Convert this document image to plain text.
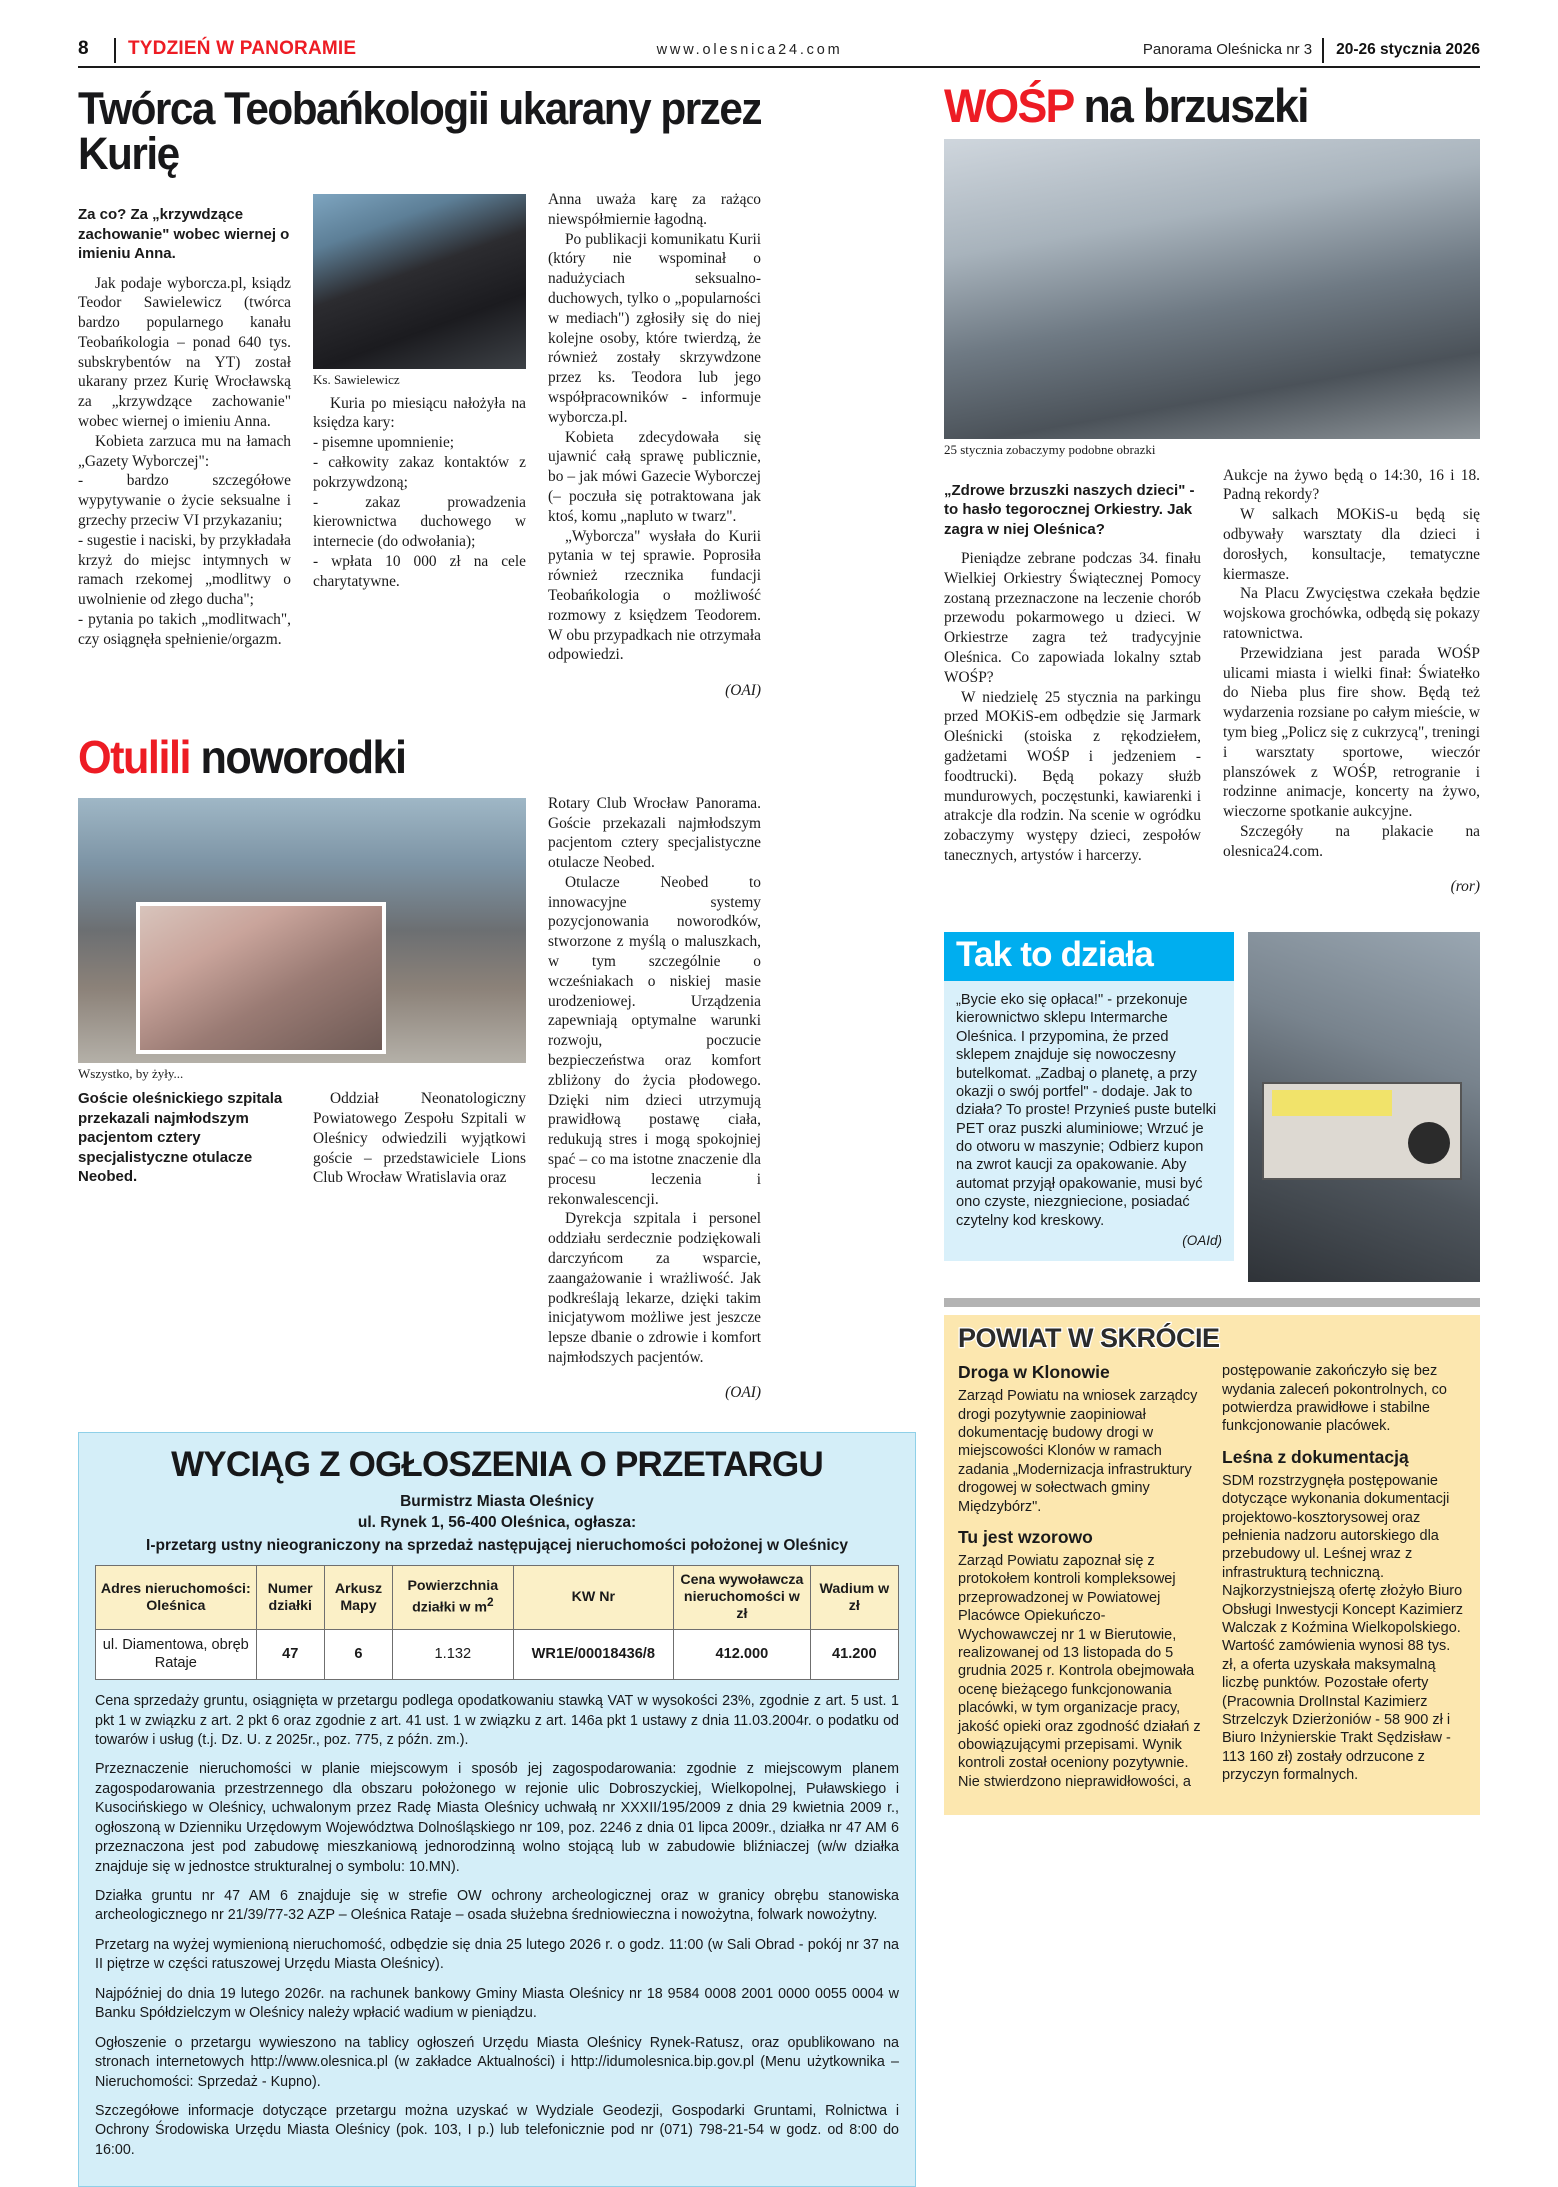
8	TYDZIEŃ W PANORAMIE	www.olesnica24.com	Panorama Oleśnicka nr 3	20-26 stycznia 2026
Twórca Teobańkologii ukarany przez Kurię

Za co? Za „krzywdzące zachowanie" wobec wiernej o imieniu Anna.

Jak podaje wyborcza.pl, ksiądz Teodor Sawielewicz (twórca bardzo popularnego kanału Teobańkologia – ponad 640 tys. subskrybentów na YT) został ukarany przez Kurię Wrocławską za „krzywdzące zachowanie" wobec wiernej o imieniu Anna.

Kobieta zarzuca mu na łamach „Gazety Wyborczej":

- bardzo szczegółowe wypytywanie o życie seksualne i grzechy przeciw VI przykazaniu;

- sugestie i naciski, by przykładała krzyż do miejsc intymnych w ramach rzekomej „modlitwy o uwolnienie od złego ducha";

- pytania po takich „modlitwach", czy osiągnęła spełnienie/orgazm.

Ks. Sawielewicz

Kuria po miesiącu nałożyła na księdza kary:

- pisemne upomnienie;

- całkowity zakaz kontaktów z pokrzywdzoną;

- zakaz prowadzenia kierownictwa duchowego w internecie (do odwołania);

- wpłata 10 000 zł na cele charytatywne.

Anna uważa karę za rażąco niewspółmiernie łagodną.

Po publikacji komunikatu Kurii (który nie wspominał o nadużyciach seksualno-duchowych, tylko o „popularności w mediach") zgłosiły się do niej kolejne osoby, które twierdzą, że również zostały skrzywdzone przez ks. Teodora lub jego współpracowników - informuje wyborcza.pl.

Kobieta zdecydowała się ujawnić całą sprawę publicznie, bo – jak mówi Gazecie Wyborczej (– poczuła się potraktowana jak ktoś, komu „napluto w twarz".

„Wyborcza" wysłała do Kurii pytania w tej sprawie. Poprosiła również rzecznika fundacji Teobańkologia o możliwość rozmowy z księdzem Teodorem. W obu przypadkach nie otrzymała odpowiedzi.

(OAI)

Otulili noworodki
Wszystko, by żyły...

Goście oleśnickiego szpitala przekazali najmłodszym pacjentom cztery specjalistyczne otulacze Neobed.

Oddział Neonatologiczny Powiatowego Zespołu Szpitali w Oleśnicy odwiedzili wyjątkowi goście – przedstawiciele Lions Club Wrocław Wratislavia oraz

Rotary Club Wrocław Panorama. Goście przekazali najmłodszym pacjentom cztery specjalistyczne otulacze Neobed.

Otulacze Neobed to innowacyjne systemy pozycjonowania noworodków, stworzone z myślą o maluszkach, w tym szczególnie o wcześniakach o niskiej masie urodzeniowej. Urządzenia zapewniają optymalne warunki rozwoju, poczucie bezpieczeństwa oraz komfort zbliżony do życia płodowego. Dzięki nim dzieci utrzymują prawidłową postawę ciała, redukują stres i mogą spokojniej spać – co ma istotne znaczenie dla procesu leczenia i rekonwalescencji.

Dyrekcja szpitala i personel oddziału serdecznie podziękowali darczyńcom za wsparcie, zaangażowanie i wrażliwość. Jak podkreślają lekarze, dzięki takim inicjatywom możliwe jest jeszcze lepsze dbanie o zdrowie i komfort najmłodszych pacjentów.

(OAI)

WYCIĄG Z OGŁOSZENIA O PRZETARGU
Burmistrz Miasta Oleśnicy
ul. Rynek 1, 56-400 Oleśnica, ogłasza:
I-przetarg ustny nieograniczony na sprzedaż następującej nieruchomości położonej w Oleśnicy
Adres nieruchomości: Oleśnica	Numer działki	Arkusz Mapy	Powierzchnia działki w $m^2$	KW Nr	Cena wywoławcza nieruchomości w zł	Wadium w zł
ul. Diamentowa, obręb Rataje	47	6	1.132	WR1E/00018436/8	412.000	41.200

Cena sprzedaży gruntu, osiągnięta w przetargu podlega opodatkowaniu stawką VAT w wysokości 23%, zgodnie z art. 5 ust. 1 pkt 1 w związku z art. 2 pkt 6 oraz zgodnie z art. 41 ust. 1 w związku z art. 146a pkt 1 ustawy z dnia 11.03.2004r. o podatku od towarów i usług (t.j. Dz. U. z 2025r., poz. 775, z późn. zm.).

Przeznaczenie nieruchomości w planie miejscowym i sposób jej zagospodarowania: zgodnie z miejscowym planem zagospodarowania przestrzennego dla obszaru położonego w rejonie ulic Dobroszyckiej, Wielkopolnej, Puławskiego i Kusocińskiego w Oleśnicy, uchwalonym przez Radę Miasta Oleśnicy uchwałą nr XXXII/195/2009 z dnia 29 kwietnia 2009 r., ogłoszoną w Dzienniku Urzędowym Województwa Dolnośląskiego nr 109, poz. 2246 z dnia 01 lipca 2009r., działka nr 47 AM 6 przeznaczona jest pod zabudowę mieszkaniową jednorodzinną wolno stojącą lub w zabudowie bliźniaczej (w/w działka znajduje się w jednostce strukturalnej o symbolu: 10.MN).

Działka gruntu nr 47 AM 6 znajduje się w strefie OW ochrony archeologicznej oraz w granicy obrębu stanowiska archeologicznego nr 21/39/77-32 AZP – Oleśnica Rataje – osada służebna średniowieczna i nowożytna, folwark nowożytny.

Przetarg na wyżej wymienioną nieruchomość, odbędzie się dnia 25 lutego 2026 r. o godz. 11:00 (w Sali Obrad - pokój nr 37 na II piętrze w części ratuszowej Urzędu Miasta Oleśnicy).

Najpóźniej do dnia 19 lutego 2026r. na rachunek bankowy Gminy Miasta Oleśnicy nr 18 9584 0008 2001 0000 0055 0004 w Banku Spółdzielczym w Oleśnicy należy wpłacić wadium w pieniądzu.

Ogłoszenie o przetargu wywieszono na tablicy ogłoszeń Urzędu Miasta Oleśnicy Rynek-Ratusz, oraz opublikowano na stronach internetowych http://www.olesnica.pl (w zakładce Aktualności) i http://idumolesnica.bip.gov.pl (Menu użytkownika – Nieruchomości: Sprzedaż - Kupno).

Szczegółowe informacje dotyczące przetargu można uzyskać w Wydziale Geodezji, Gospodarki Gruntami, Rolnictwa i Ochrony Środowiska Urzędu Miasta Oleśnicy (pok. 103, I p.) lub telefonicznie pod nr (071) 798-21-54 w godz. od 8:00 do 16:00.

WOŚP na brzuszki
25 stycznia zobaczymy podobne obrazki

„Zdrowe brzuszki naszych dzieci" - to hasło tegorocznej Orkiestry. Jak zagra w niej Oleśnica?

Pieniądze zebrane podczas 34. finału Wielkiej Orkiestry Świątecznej Pomocy zostaną przeznaczone na leczenie chorób przewodu pokarmowego u dzieci. W Orkiestrze zagra też tradycyjnie Oleśnica. Co zapowiada lokalny sztab WOŚP?

W niedzielę 25 stycznia na parkingu przed MOKiS-em odbędzie się Jarmark Oleśnicki (stoiska z rękodziełem, gadżetami WOŚP i jedzeniem - foodtrucki). Będą pokazy służb mundurowych, poczęstunki, kawiarenki i atrakcje dla rodzin. Na scenie w ogródku zobaczymy występy dzieci, zespołów tanecznych, artystów i harcerzy.

Aukcje na żywo będą o 14:30, 16 i 18. Padną rekordy?

W salkach MOKiS-u będą się odbywały warsztaty dla dzieci i dorosłych, konsultacje, tematyczne kiermasze.

Na Placu Zwycięstwa czekała będzie wojskowa grochówka, odbędą się pokazy ratownictwa.

Przewidziana jest parada WOŚP ulicami miasta i wielki finał: Światełko do Nieba plus fire show. Będą też wydarzenia rozsiane po całym mieście, w tym bieg „Policz się z cukrzycą", treningi i warsztaty sportowe, wieczór planszówek z WOŚP, retrogranie i rodzinne animacje, koncerty na żywo, wieczorne spotkanie aukcyjne.

Szczegóły na plakacie na olesnica24.com.

(ror)

Tak to działa

„Bycie eko się opłaca!" - przekonuje kierownictwo sklepu Intermarche Oleśnica. I przypomina, że przed sklepem znajduje się nowoczesny butelkomat. „Zadbaj o planetę, a przy okazji o swój portfel" - dodaje. Jak to działa? To proste! Przynieś puste butelki PET oraz puszki aluminiowe; Wrzuć je do otworu w maszynie; Odbierz kupon na zwrot kaucji za opakowanie. Aby automat przyjął opakowanie, musi być ono czyste, niezgniecione, posiadać czytelny kod kreskowy.

(OAId)

POWIAT W SKRÓCIE
Droga w Klonowie

Zarząd Powiatu na wniosek zarządcy drogi pozytywnie zaopiniował dokumentację budowy drogi w miejscowości Klonów w ramach zadania „Modernizacja infrastruktury drogowej w sołectwach gminy Międzybórz".

Tu jest wzorowo

Zarząd Powiatu zapoznał się z protokołem kontroli kompleksowej przeprowadzonej w Powiatowej Placówce Opiekuńczo-Wychowawczej nr 1 w Bierutowie, realizowanej od 13 listopada do 5 grudnia 2025 r. Kontrola obejmowała ocenę bieżącego funkcjonowania placówki, w tym organizacje pracy, jakość opieki oraz zgodność działań z obowiązującymi przepisami. Wynik kontroli został oceniony pozytywnie. Nie stwierdzono nieprawidłowości, a

postępowanie zakończyło się bez wydania zaleceń pokontrolnych, co potwierdza prawidłowe i stabilne funkcjonowanie placówek.

Leśna z dokumentacją

SDM rozstrzygnęła postępowanie dotyczące wykonania dokumentacji projektowo-kosztorysowej oraz pełnienia nadzoru autorskiego dla przebudowy ul. Leśnej wraz z infrastrukturą techniczną. Najkorzystniejszą ofertę złożyło Biuro Obsługi Inwestycji Koncept Kazimierz Walczak z Koźmina Wielkopolskiego. Wartość zamówienia wynosi 88 tys. zł, a oferta uzyskała maksymalną liczbę punktów. Pozostałe oferty (Pracownia DrolInstal Kazimierz Strzelczyk Dzierżoniów - 58 900 zł i Biuro Inżynierskie Trakt Sędzisław - 113 160 zł) zostały odrzucone z przyczyn formalnych.
